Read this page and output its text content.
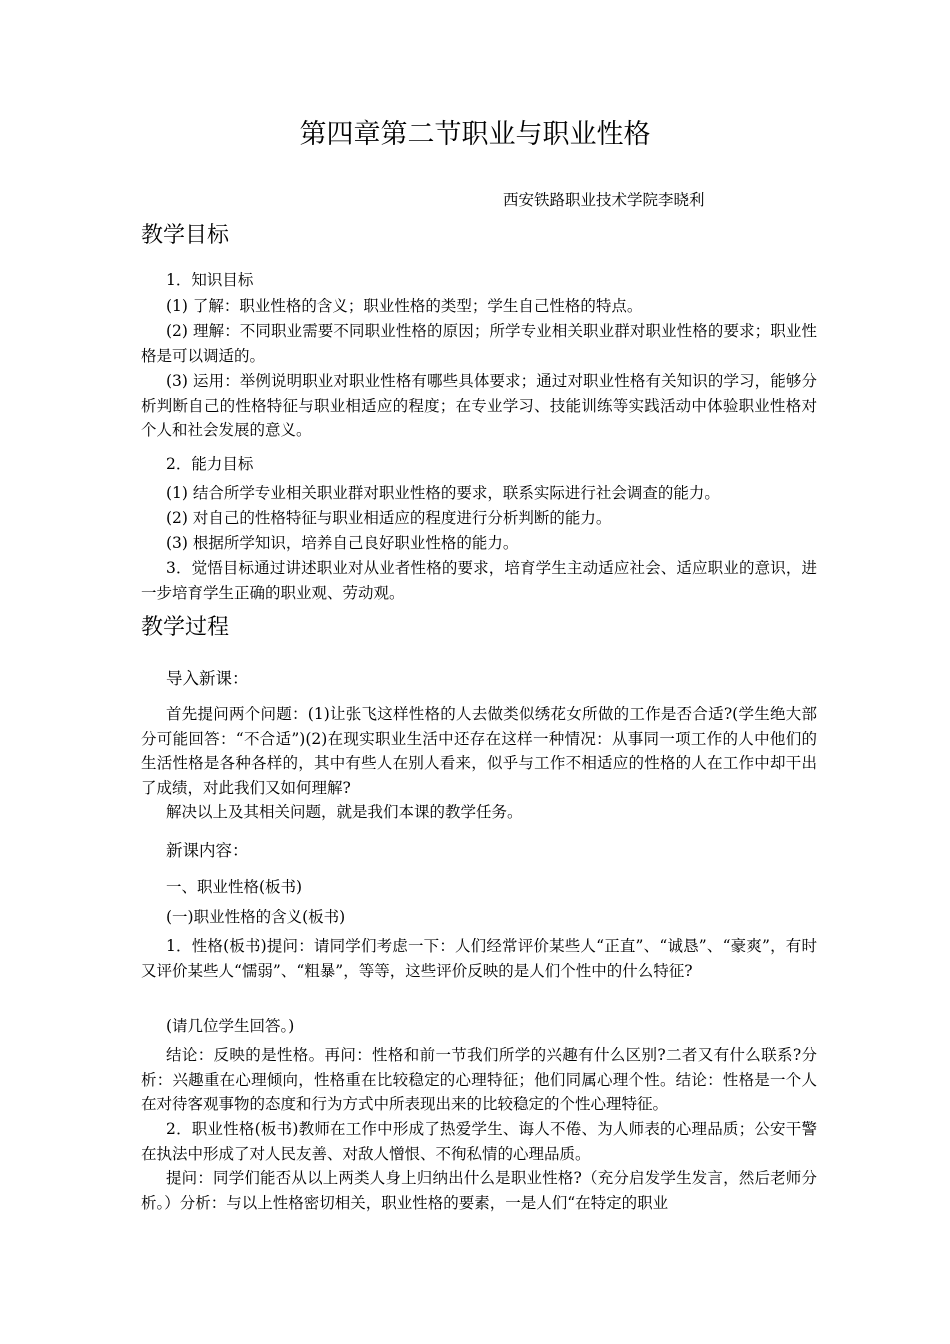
第四章第二节职业与职业性格
西安铁路职业技术学院李晓利
教学目标
1．知识目标
(1) 了解：职业性格的含义；职业性格的类型；学生自己性格的特点。
(2) 理解：不同职业需要不同职业性格的原因；所学专业相关职业群对职业性格的要求；职业性格是可以调适的。
(3) 运用：举例说明职业对职业性格有哪些具体要求；通过对职业性格有关知识的学习，能够分析判断自己的性格特征与职业相适应的程度；在专业学习、技能训练等实践活动中体验职业性格对个人和社会发展的意义。
2．能力目标
(1) 结合所学专业相关职业群对职业性格的要求，联系实际进行社会调查的能力。
(2) 对自己的性格特征与职业相适应的程度进行分析判断的能力。
(3) 根据所学知识，培养自己良好职业性格的能力。
3．觉悟目标通过讲述职业对从业者性格的要求，培育学生主动适应社会、适应职业的意识，进一步培育学生正确的职业观、劳动观。
教学过程
导入新课：
首先提问两个问题：(1)让张飞这样性格的人去做类似绣花女所做的工作是否合适?(学生绝大部分可能回答：“不合适”)(2)在现实职业生活中还存在这样一种情况：从事同一项工作的人中他们的生活性格是各种各样的，其中有些人在别人看来，似乎与工作不相适应的性格的人在工作中却干出了成绩，对此我们又如何理解?
解决以上及其相关问题，就是我们本课的教学任务。
新课内容：
一、职业性格(板书)
(一)职业性格的含义(板书)
1．性格(板书)提问：请同学们考虑一下：人们经常评价某些人“正直”、“诚恳”、“豪爽”，有时又评价某些人“懦弱”、“粗暴”，等等，这些评价反映的是人们个性中的什么特征?
(请几位学生回答。)
结论：反映的是性格。再问：性格和前一节我们所学的兴趣有什么区别?二者又有什么联系?分析：兴趣重在心理倾向，性格重在比较稳定的心理特征；他们同属心理个性。结论：性格是一个人在对待客观事物的态度和行为方式中所表现出来的比较稳定的个性心理特征。
2．职业性格(板书)教师在工作中形成了热爱学生、诲人不倦、为人师表的心理品质；公安干警在执法中形成了对人民友善、对敌人憎恨、不徇私情的心理品质。
提问：同学们能否从以上两类人身上归纳出什么是职业性格?（充分启发学生发言，然后老师分析。）分析：与以上性格密切相关，职业性格的要素，一是人们“在特定的职业
